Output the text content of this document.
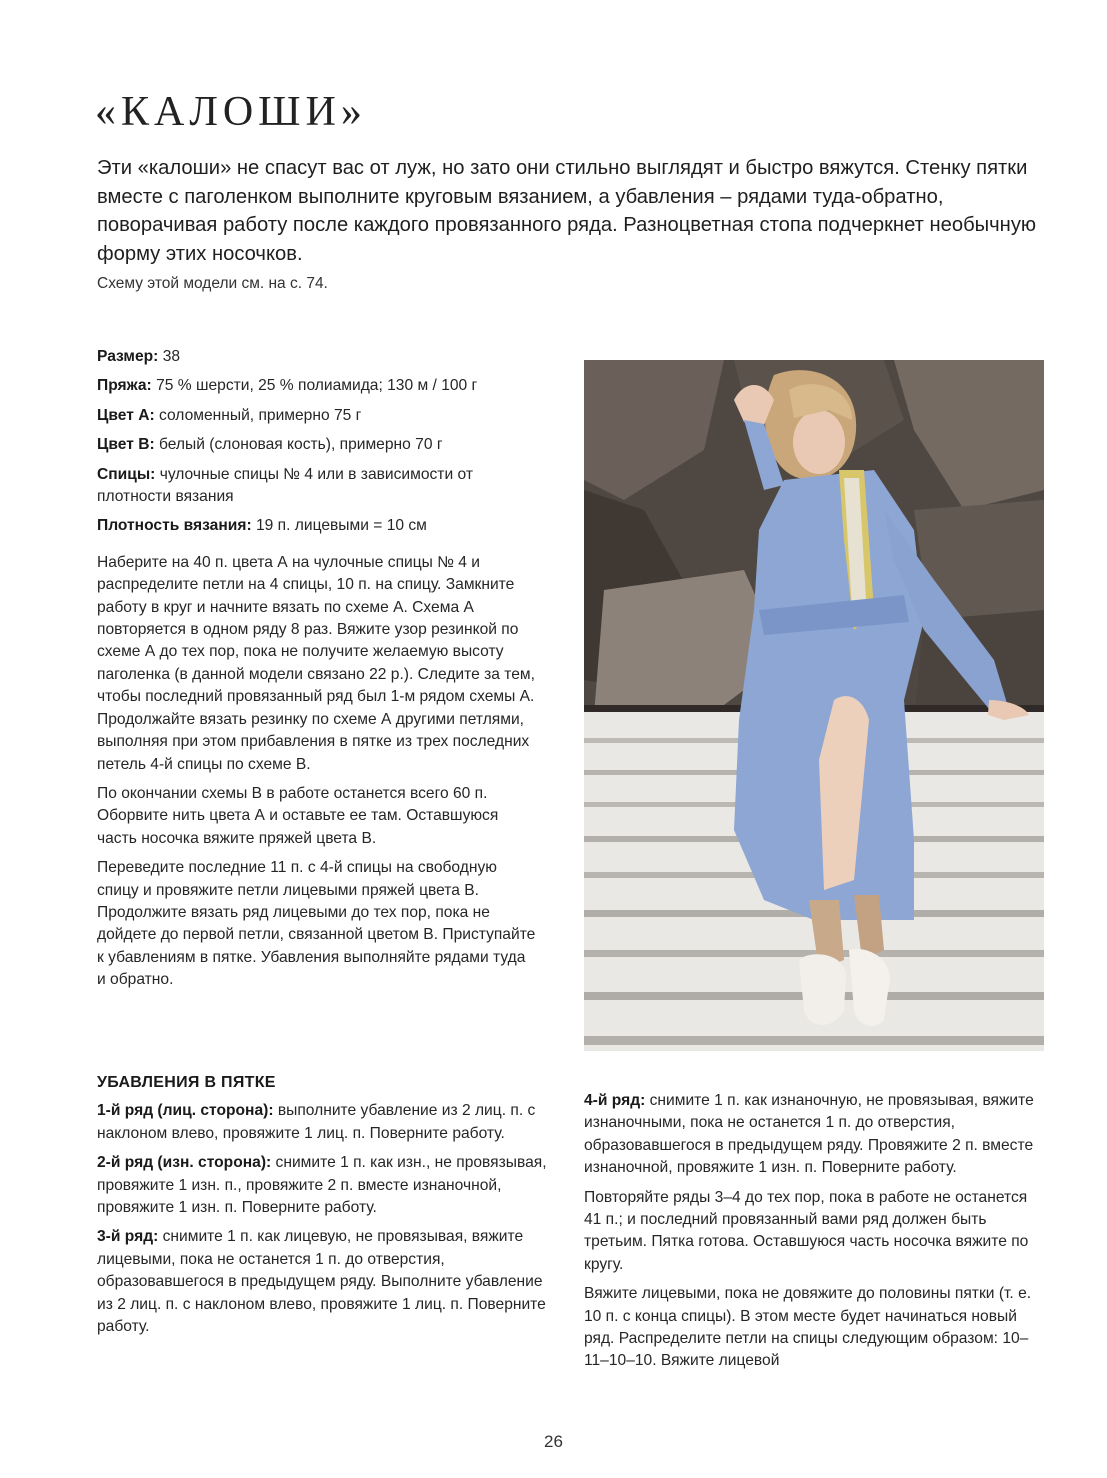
«КАЛОШИ»

Эти «калоши» не спасут вас от луж, но зато они стильно выглядят и быстро вяжутся. Стенку пятки вместе с паголенком выполните круговым вязанием, а убавления – рядами туда-обратно, поворачивая работу после каждого провязанного ряда. Разноцветная стопа подчеркнет необычную форму этих носочков.

Схему этой модели см. на с. 74.

Размер: 38
Пряжа: 75 % шерсти, 25 % полиамида; 130 м / 100 г
Цвет А: соломенный, примерно 75 г
Цвет В: белый (слоновая кость), примерно 70 г
Спицы: чулочные спицы № 4 или в зависимости от плотности вязания
Плотность вязания: 19 п. лицевыми = 10 см

Наберите на 40 п. цвета А на чулочные спицы № 4 и распределите петли на 4 спицы, 10 п. на спицу. Замкните работу в круг и начните вязать по схеме А. Схема А повторяется в одном ряду 8 раз. Вяжите узор резинкой по схеме А до тех пор, пока не получите желаемую высоту паголенка (в данной модели связано 22 р.). Следите за тем, чтобы последний провязанный ряд был 1-м рядом схемы А. Продолжайте вязать резинку по схеме А другими петлями, выполняя при этом прибавления в пятке из трех последних петель 4-й спицы по схеме В.

По окончании схемы В в работе останется всего 60 п. Оборвите нить цвета А и оставьте ее там. Оставшуюся часть носочка вяжите пряжей цвета В.

Переведите последние 11 п. с 4-й спицы на свободную спицу и провяжите петли лицевыми пряжей цвета В. Продолжите вязать ряд лицевыми до тех пор, пока не дойдете до первой петли, связанной цветом В. Приступайте к убавлениям в пятке. Убавления выполняйте рядами туда и обратно.

УБАВЛЕНИЯ В ПЯТКЕ

1-й ряд (лиц. сторона): выполните убавление из 2 лиц. п. с наклоном влево, провяжите 1 лиц. п. Поверните работу.

2-й ряд (изн. сторона): снимите 1 п. как изн., не провязывая, провяжите 1 изн. п., провяжите 2 п. вместе изнаночной, провяжите 1 изн. п. Поверните работу.

3-й ряд: снимите 1 п. как лицевую, не провязывая, вяжите лицевыми, пока не останется 1 п. до отверстия, образовавшегося в предыдущем ряду. Выполните убавление из 2 лиц. п. с наклоном влево, провяжите 1 лиц. п. Поверните работу.

4-й ряд: снимите 1 п. как изнаночную, не провязывая, вяжите изнаночными, пока не останется 1 п. до отверстия, образовавшегося в предыдущем ряду. Провяжите 2 п. вместе изнаночной, провяжите 1 изн. п. Поверните работу.

Повторяйте ряды 3–4 до тех пор, пока в работе не останется 41 п.; и последний провязанный вами ряд должен быть третьим. Пятка готова. Оставшуюся часть носочка вяжите по кругу.

Вяжите лицевыми, пока не довяжите до половины пятки (т. е. 10 п. с конца спицы). В этом месте будет начинаться новый ряд. Распределите петли на спицы следующим образом: 10–11–10–10. Вяжите лицевой

26
